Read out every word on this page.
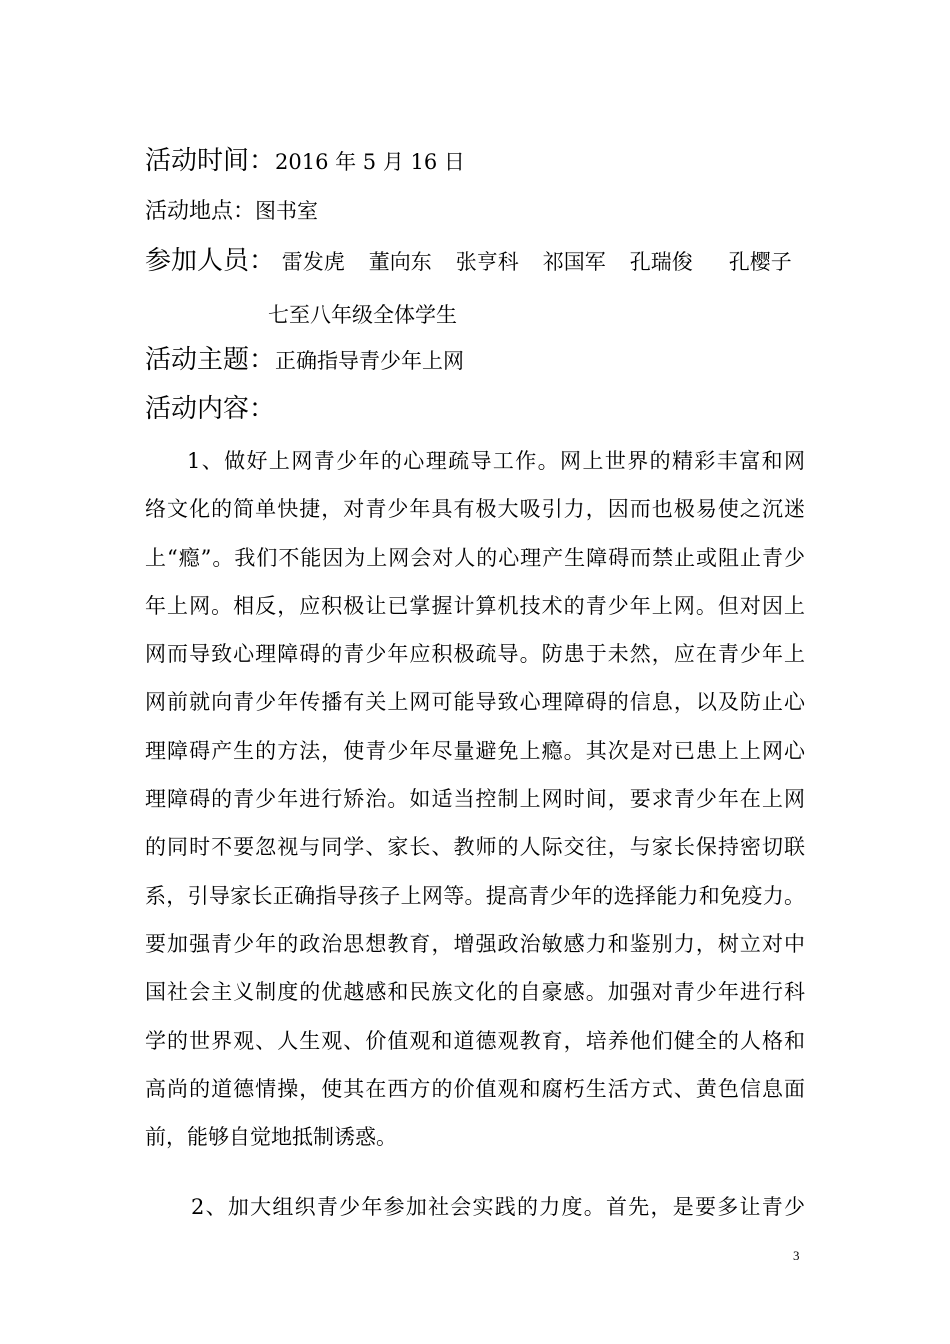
活动时间：2016 年 5 月 16 日
活动地点：图书室
参加人员： 雷发虎 董向东 张亨科 祁国军 孔瑞俊 孔樱子
七至八年级全体学生
活动主题：正确指导青少年上网
活动内容：
1、做好上网青少年的心理疏导工作。网上世界的精彩丰富和网
络文化的简单快捷，对青少年具有极大吸引力，因而也极易使之沉迷
上“瘾”。我们不能因为上网会对人的心理产生障碍而禁止或阻止青少
年上网。相反，应积极让已掌握计算机技术的青少年上网。但对因上
网而导致心理障碍的青少年应积极疏导。防患于未然，应在青少年上
网前就向青少年传播有关上网可能导致心理障碍的信息，以及防止心
理障碍产生的方法，使青少年尽量避免上瘾。其次是对已患上上网心
理障碍的青少年进行矫治。如适当控制上网时间，要求青少年在上网
的同时不要忽视与同学、家长、教师的人际交往，与家长保持密切联
系，引导家长正确指导孩子上网等。提高青少年的选择能力和免疫力。
要加强青少年的政治思想教育，增强政治敏感力和鉴别力，树立对中
国社会主义制度的优越感和民族文化的自豪感。加强对青少年进行科
学的世界观、人生观、价值观和道德观教育，培养他们健全的人格和
高尚的道德情操，使其在西方的价值观和腐朽生活方式、黄色信息面
前，能够自觉地抵制诱惑。
2、加大组织青少年参加社会实践的力度。首先，是要多让青少
3
